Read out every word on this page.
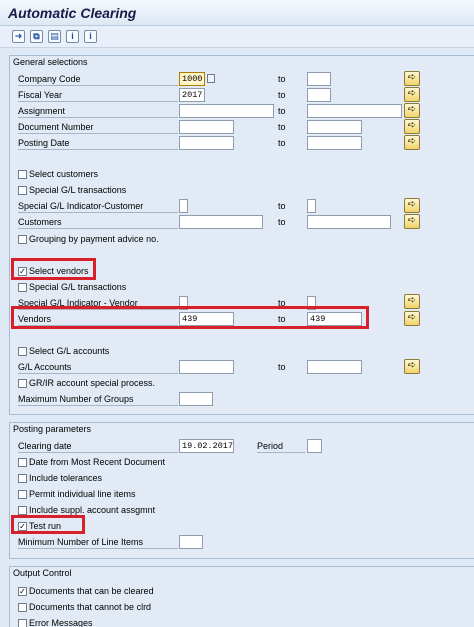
Automatic Clearing
➜	⧉	▤	i	i
General selections
Company Code	1000	to	➪
Fiscal Year	2017	to	➪
Assignment	to	➪
Document Number	to	➪
Posting Date	to	➪
Select customers
Special G/L transactions
Special G/L Indicator-Customer	to	➪
Customers	to	➪
Grouping by payment advice no.
✓ Select vendors
Special G/L transactions
Special G/L Indicator - Vendor	to	➪
Vendors	439	to	439	➪
Select G/L accounts
G/L Accounts	to	➪
GR/IR account special process.
Maximum Number of Groups
Posting parameters
Clearing date	19.02.2017	Period
Date from Most Recent Document
Include tolerances
Permit individual line items
Include suppl. account assgmnt
✓ Test run
Minimum Number of Line Items
Output Control
✓ Documents that can be cleared
Documents that cannot be clrd
Error Messages
